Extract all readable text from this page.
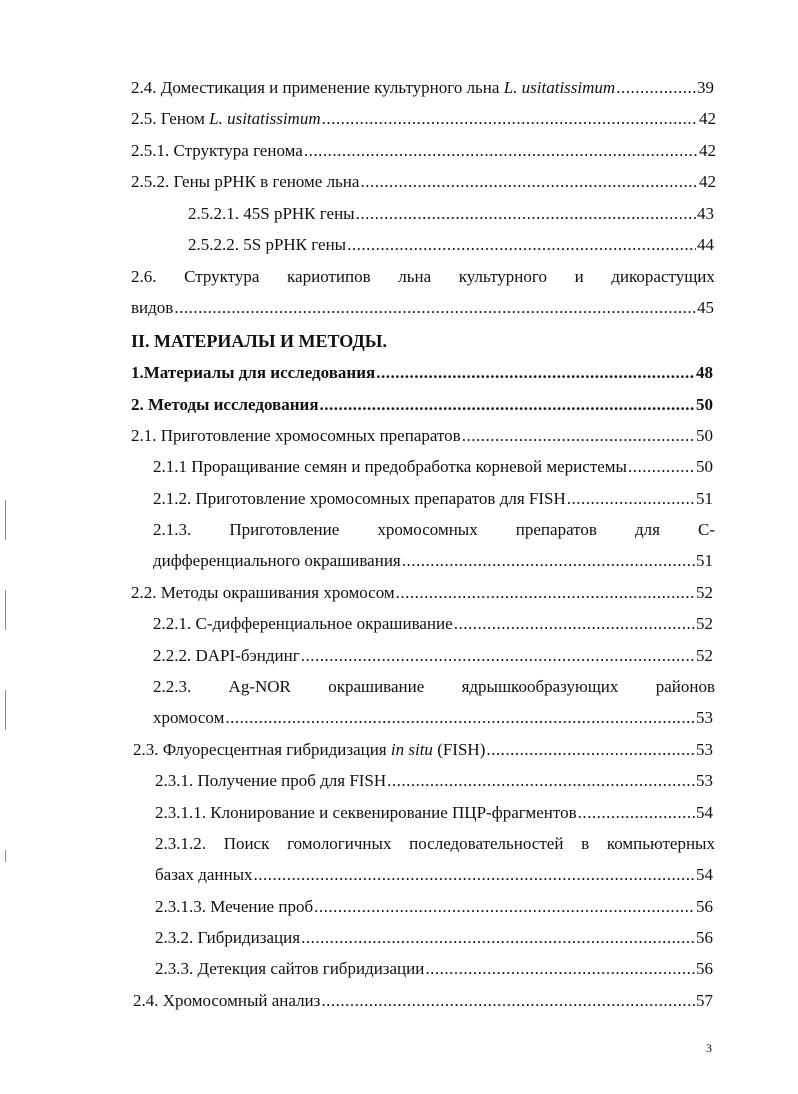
2.4. Доместикация и применение культурного льна L. usitatissimum .....	39
2.5. Геном L. usitatissimum .....	42
2.5.1. Структура генома .....	42
2.5.2. Гены рРНК в геноме льна .....	42
2.5.2.1. 45S рРНК гены .....	43
2.5.2.2. 5S рРНК гены .....	44
2.6. Структура кариотипов льна культурного и дикорастущих
видов .....	45
II. МАТЕРИАЛЫ И МЕТОДЫ.
1.Материалы для исследования .....	48
2. Методы исследования .....	50
2.1. Приготовление хромосомных препаратов .....	50
2.1.1 Проращивание семян и предобработка корневой меристемы .....	50
2.1.2. Приготовление хромосомных препаратов для FISH .....	51
2.1.3. Приготовление хромосомных препаратов для С-
дифференциального окрашивания .....	51
2.2. Методы окрашивания хромосом .....	52
2.2.1. С-дифференциальное окрашивание .....	52
2.2.2. DAPI-бэндинг .....	52
2.2.3. Ag-NOR окрашивание ядрышкообразующих районов
хромосом .....	53
2.3. Флуоресцентная гибридизация in situ (FISH) .....	53
2.3.1. Получение проб для FISH .....	53
2.3.1.1. Клонирование и секвенирование ПЦР-фрагментов .....	54
2.3.1.2. Поиск гомологичных последовательностей в компьютерных
базах данных .....	54
2.3.1.3. Мечение проб .....	56
2.3.2. Гибридизация .....	56
2.3.3. Детекция сайтов гибридизации .....	56
2.4. Хромосомный анализ .....	57
3
